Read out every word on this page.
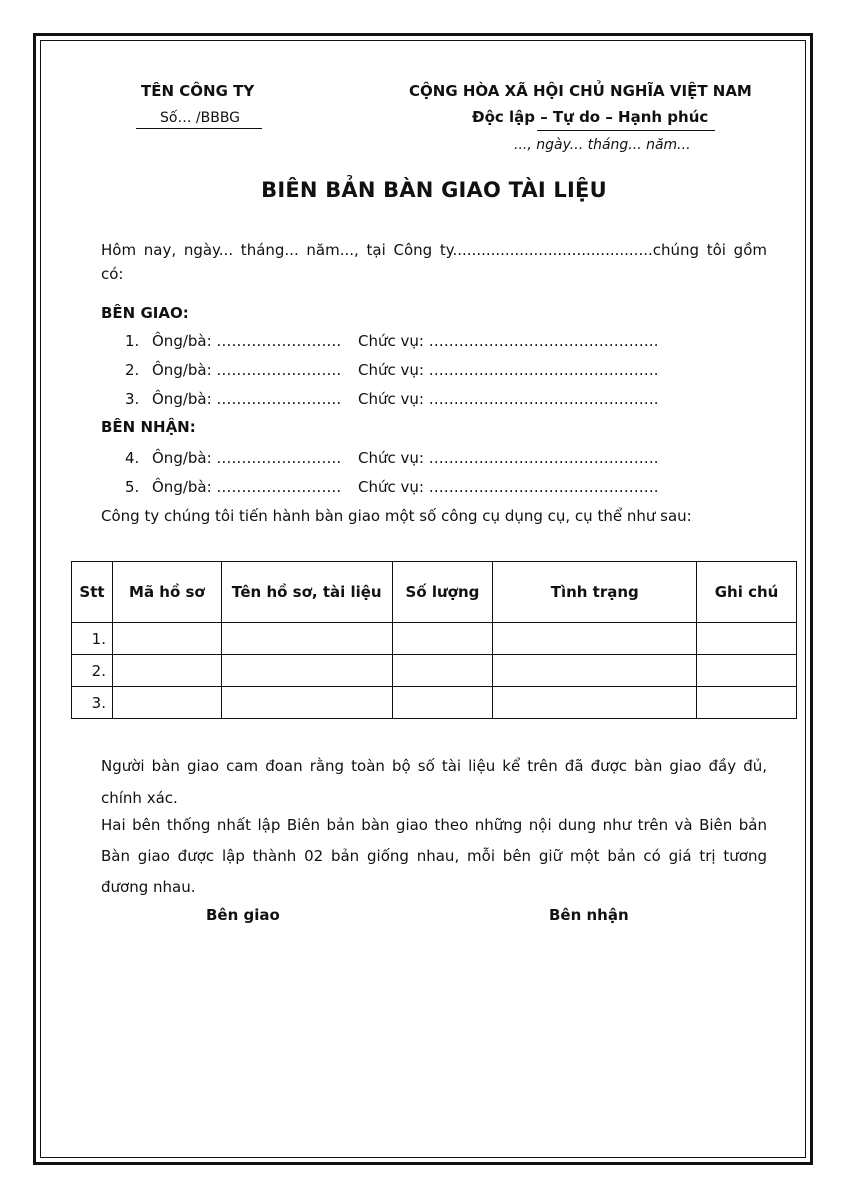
TÊN CÔNG TY
Số… /BBBG
CỘNG HÒA XÃ HỘI CHỦ NGHĨA VIỆT NAM
Độc lập – Tự do – Hạnh phúc
..., ngày... tháng... năm...
BIÊN BẢN BÀN GIAO TÀI LIỆU
Hôm nay, ngày... tháng... năm..., tại Công ty..........................................chúng tôi gồm có:
BÊN GIAO:
1. Ông/bà: ……………………. Chức vụ: ……………………………………….
2. Ông/bà: ……………………. Chức vụ: ……………………………………….
3. Ông/bà: ……………………. Chức vụ: ……………………………………….
BÊN NHẬN:
4. Ông/bà: ……………………. Chức vụ: ……………………………………….
5. Ông/bà: ……………………. Chức vụ: ……………………………………….
Công ty chúng tôi tiến hành bàn giao một số công cụ dụng cụ, cụ thể như sau:
Stt	Mã hồ sơ	Tên hồ sơ, tài liệu	Số lượng	Tình trạng	Ghi chú
1.					
2.					
3.					
Người bàn giao cam đoan rằng toàn bộ số tài liệu kể trên đã được bàn giao đầy đủ, chính xác.
Hai bên thống nhất lập Biên bản bàn giao theo những nội dung như trên và Biên bản Bàn giao được lập thành 02 bản giống nhau, mỗi bên giữ một bản có giá trị tương đương nhau.
Bên giao	Bên nhận
